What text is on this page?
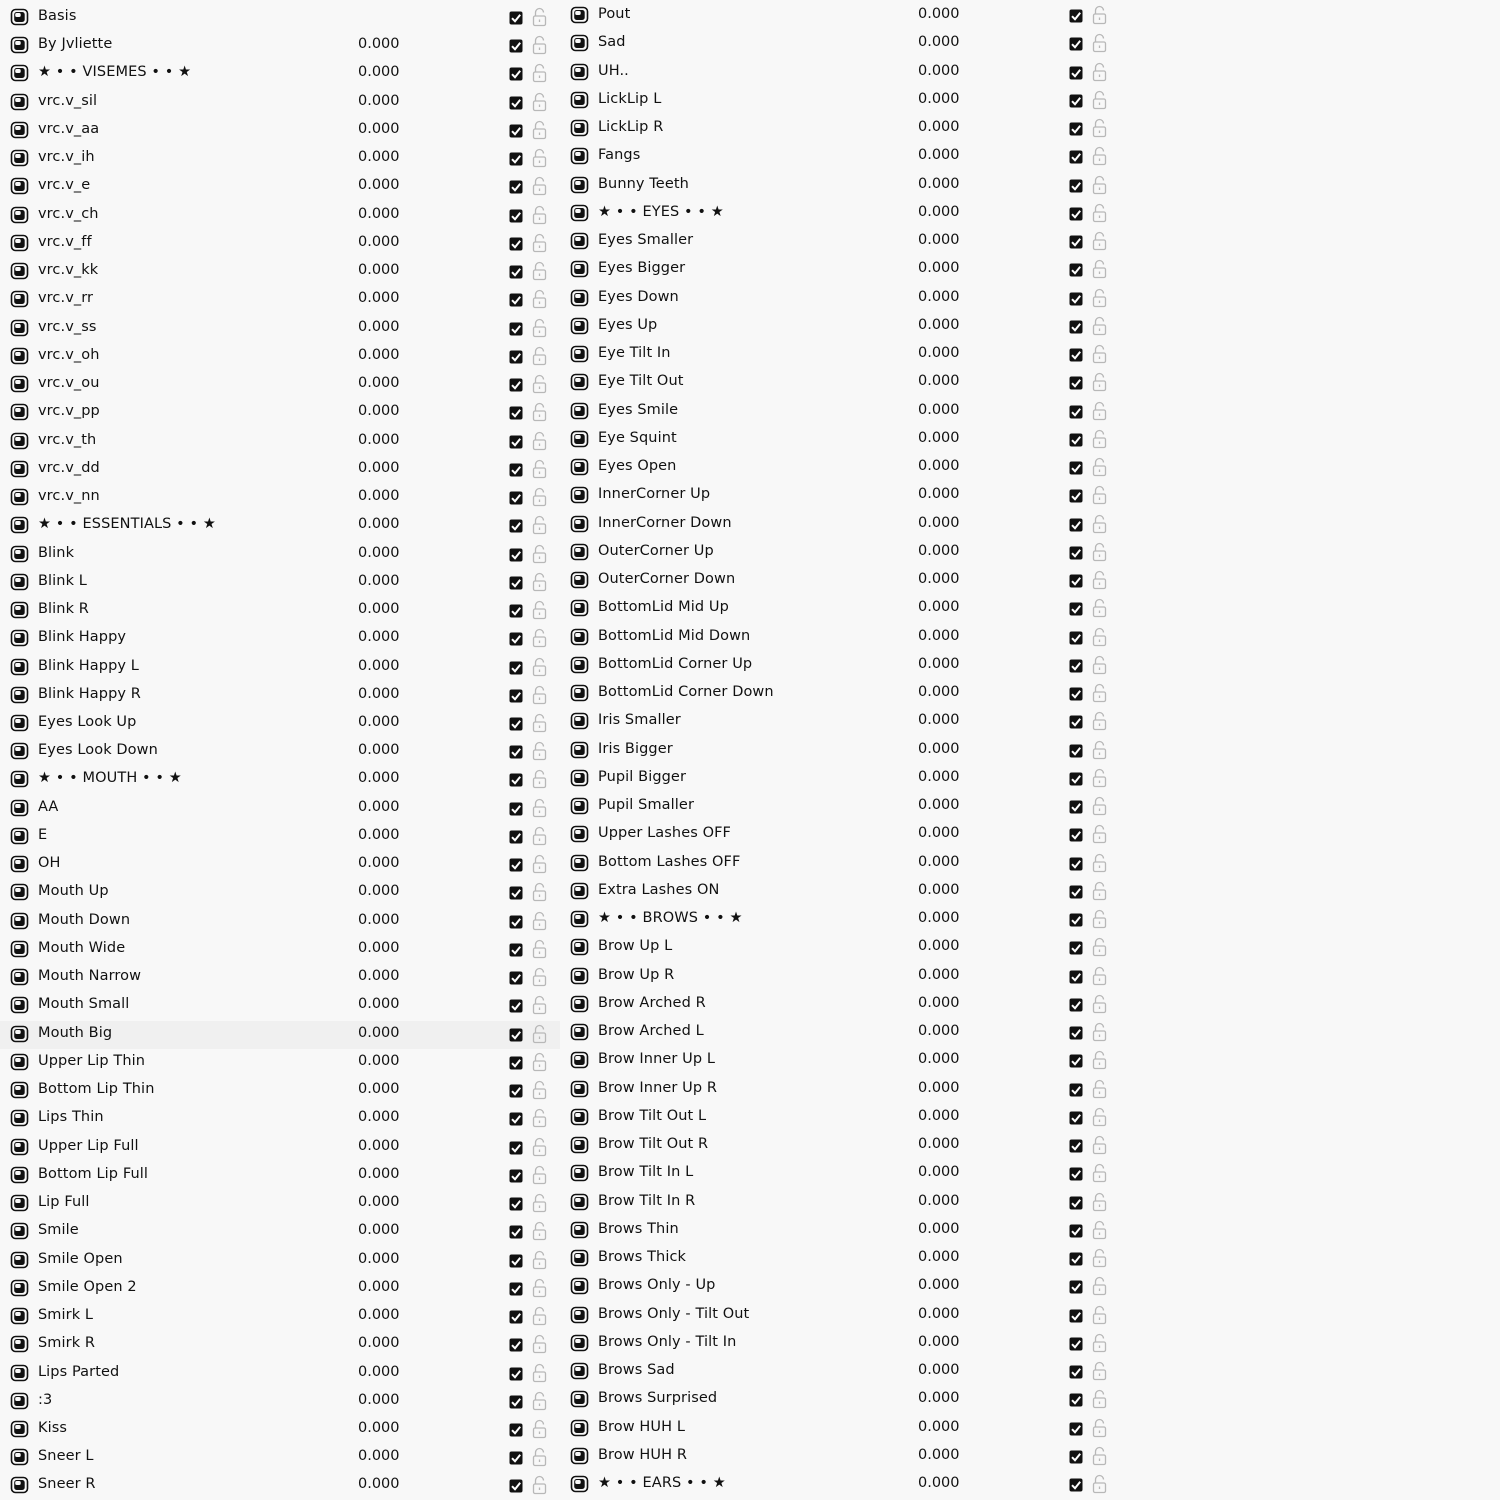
Basis
By Jvliette	0.000
★ • • VISEMES • • ★	0.000
vrc.v_sil	0.000
vrc.v_aa	0.000
vrc.v_ih	0.000
vrc.v_e	0.000
vrc.v_ch	0.000
vrc.v_ff	0.000
vrc.v_kk	0.000
vrc.v_rr	0.000
vrc.v_ss	0.000
vrc.v_oh	0.000
vrc.v_ou	0.000
vrc.v_pp	0.000
vrc.v_th	0.000
vrc.v_dd	0.000
vrc.v_nn	0.000
★ • • ESSENTIALS • • ★	0.000
Blink	0.000
Blink L	0.000
Blink R	0.000
Blink Happy	0.000
Blink Happy L	0.000
Blink Happy R	0.000
Eyes Look Up	0.000
Eyes Look Down	0.000
★ • • MOUTH • • ★	0.000
AA	0.000
E	0.000
OH	0.000
Mouth Up	0.000
Mouth Down	0.000
Mouth Wide	0.000
Mouth Narrow	0.000
Mouth Small	0.000
Mouth Big	0.000
Upper Lip Thin	0.000
Bottom Lip Thin	0.000
Lips Thin	0.000
Upper Lip Full	0.000
Bottom Lip Full	0.000
Lip Full	0.000
Smile	0.000
Smile Open	0.000
Smile Open 2	0.000
Smirk L	0.000
Smirk R	0.000
Lips Parted	0.000
:3	0.000
Kiss	0.000
Sneer L	0.000
Sneer R	0.000
Pout	0.000
Sad	0.000
UH..	0.000
LickLip L	0.000
LickLip R	0.000
Fangs	0.000
Bunny Teeth	0.000
★ • • EYES • • ★	0.000
Eyes Smaller	0.000
Eyes Bigger	0.000
Eyes Down	0.000
Eyes Up	0.000
Eye Tilt In	0.000
Eye Tilt Out	0.000
Eyes Smile	0.000
Eye Squint	0.000
Eyes Open	0.000
InnerCorner Up	0.000
InnerCorner Down	0.000
OuterCorner Up	0.000
OuterCorner Down	0.000
BottomLid Mid Up	0.000
BottomLid Mid Down	0.000
BottomLid Corner Up	0.000
BottomLid Corner Down	0.000
Iris Smaller	0.000
Iris Bigger	0.000
Pupil Bigger	0.000
Pupil Smaller	0.000
Upper Lashes OFF	0.000
Bottom Lashes OFF	0.000
Extra Lashes ON	0.000
★ • • BROWS • • ★	0.000
Brow Up L	0.000
Brow Up R	0.000
Brow Arched R	0.000
Brow Arched L	0.000
Brow Inner Up L	0.000
Brow Inner Up R	0.000
Brow Tilt Out L	0.000
Brow Tilt Out R	0.000
Brow Tilt In L	0.000
Brow Tilt In R	0.000
Brows Thin	0.000
Brows Thick	0.000
Brows Only - Up	0.000
Brows Only - Tilt Out	0.000
Brows Only - Tilt In	0.000
Brows Sad	0.000
Brows Surprised	0.000
Brow HUH L	0.000
Brow HUH R	0.000
★ • • EARS • • ★	0.000
